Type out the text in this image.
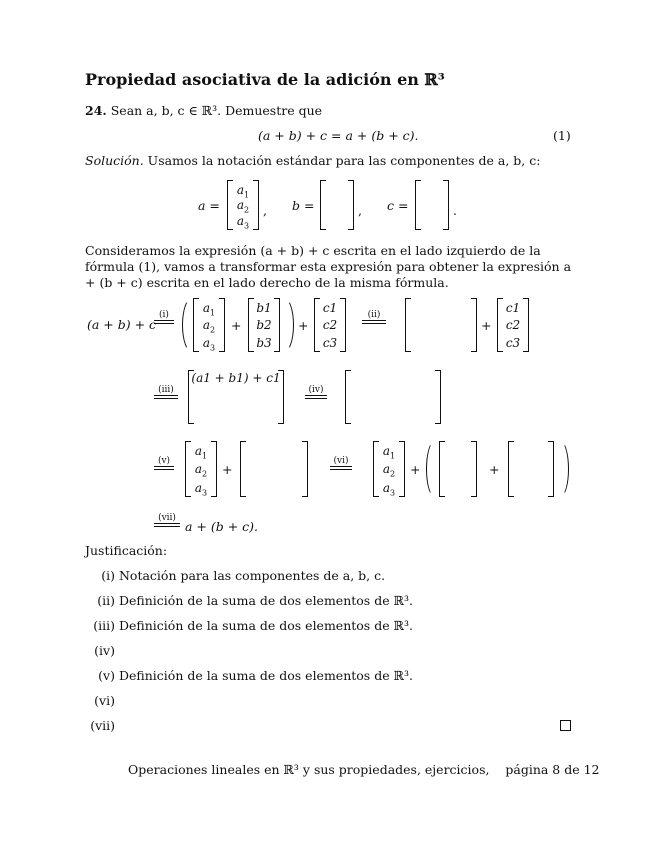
Propiedad asociativa de la adición en ℝ³
24. Sean a, b, c ∈ ℝ³. Demuestre que
(a + b) + c = a + (b + c).	(1)
Solución. Usamos la notación estándar para las componentes de a, b, c:
a =
$a_1$
$a_2$
$a_3$
, b =	, c =	.
Consideramos la expresión (a + b) + c escrita en el lado izquierdo de la fórmula (1), vamos a transformar esta expresión para obtener la expresión a + (b + c) escrita en el lado derecho de la misma fórmula.
(a + b) + c
(i)	$a_1$
$a_2$
$a_3$
+
b1
b2
b3
+
c1
c2
c3
(ii)
+
c1
c2
c3
(iii)
(a1 + b1) + c1
(iv)
(v)
$a_1$
$a_2$
$a_3$
+
(vi)
$a_1$
$a_2$
$a_3$
+	+
(vii)
a + (b + c).
Justificación:
(i) Notación para las componentes de a, b, c.
(ii) Definición de la suma de dos elementos de ℝ³.
(iii) Definición de la suma de dos elementos de ℝ³.
(iv)
(v) Definición de la suma de dos elementos de ℝ³.
(vi)
(vii)
Operaciones lineales en ℝ³ y sus propiedades, ejercicios, página 8 de 12
